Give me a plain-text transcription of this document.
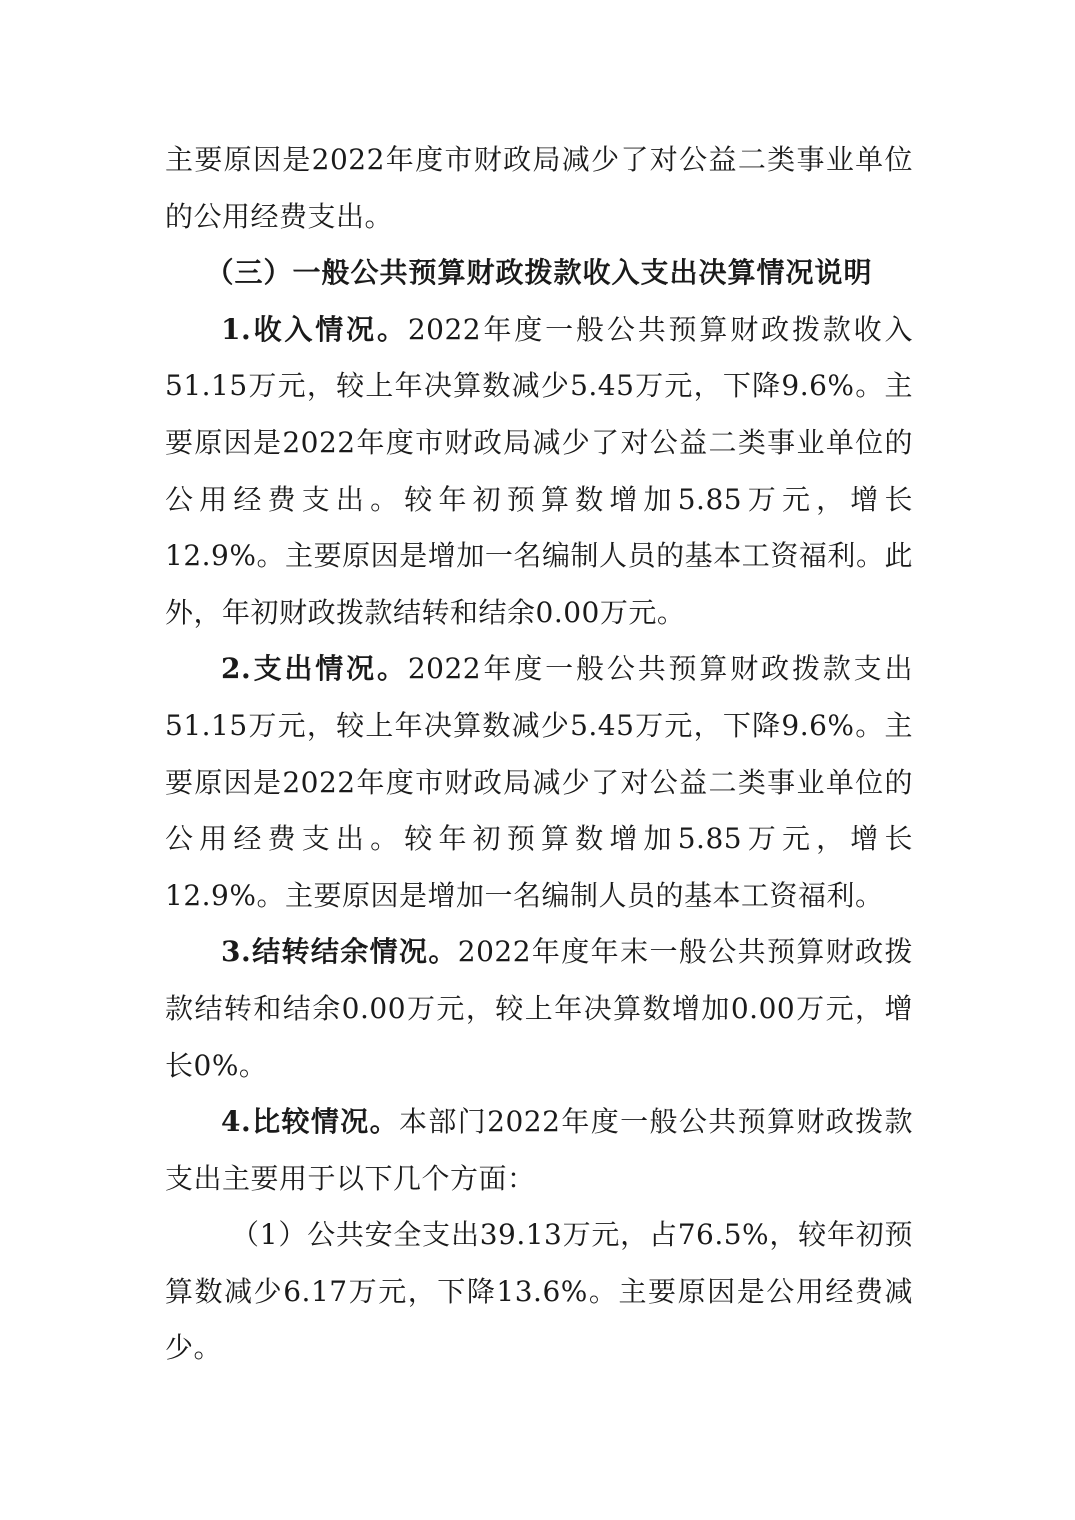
主要原因是2022年度市财政局减少了对公益二类事业单位的公用经费支出。

（三）一般公共预算财政拨款收入支出决算情况说明

1.收入情况。2022年度一般公共预算财政拨款收入51.15万元，较上年决算数减少5.45万元，下降9.6%。主要原因是2022年度市财政局减少了对公益二类事业单位的公用经费支出。较年初预算数增加5.85万元，增长12.9%。主要原因是增加一名编制人员的基本工资福利。此外，年初财政拨款结转和结余0.00万元。

2.支出情况。2022年度一般公共预算财政拨款支出51.15万元，较上年决算数减少5.45万元，下降9.6%。主要原因是2022年度市财政局减少了对公益二类事业单位的公用经费支出。较年初预算数增加5.85万元，增长12.9%。主要原因是增加一名编制人员的基本工资福利。

3.结转结余情况。2022年度年末一般公共预算财政拨款结转和结余0.00万元，较上年决算数增加0.00万元，增长0%。

4.比较情况。本部门2022年度一般公共预算财政拨款支出主要用于以下几个方面：

（1）公共安全支出39.13万元，占76.5%，较年初预算数减少6.17万元，下降13.6%。主要原因是公用经费减少。
